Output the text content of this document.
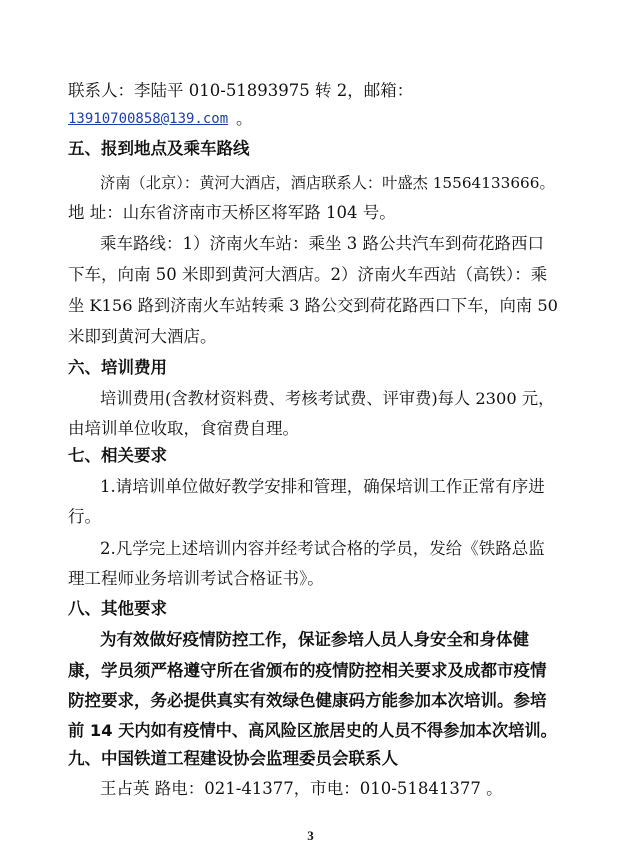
联系人：李陆平 010-51893975 转 2，邮箱：
13910700858@139.com 。
五、报到地点及乘车路线
济南（北京）：黄河大酒店，酒店联系人：叶盛杰 15564133666。
地 址：山东省济南市天桥区将军路 104 号。
乘车路线：1）济南火车站：乘坐 3 路公共汽车到荷花路西口
下车，向南 50 米即到黄河大酒店。2）济南火车西站（高铁）：乘
坐 K156 路到济南火车站转乘 3 路公交到荷花路西口下车，向南 50
米即到黄河大酒店。
六、培训费用
培训费用(含教材资料费、考核考试费、评审费)每人 2300 元，
由培训单位收取，食宿费自理。
七、相关要求
1.请培训单位做好教学安排和管理，确保培训工作正常有序进
行。
2.凡学完上述培训内容并经考试合格的学员，发给《铁路总监
理工程师业务培训考试合格证书》。
八、其他要求
为有效做好疫情防控工作，保证参培人员人身安全和身体健
康，学员须严格遵守所在省颁布的疫情防控相关要求及成都市疫情
防控要求，务必提供真实有效绿色健康码方能参加本次培训。参培
前 14 天内如有疫情中、高风险区旅居史的人员不得参加本次培训。
九、中国铁道工程建设协会监理委员会联系人
王占英 路电：021-41377，市电：010-51841377 。
3
